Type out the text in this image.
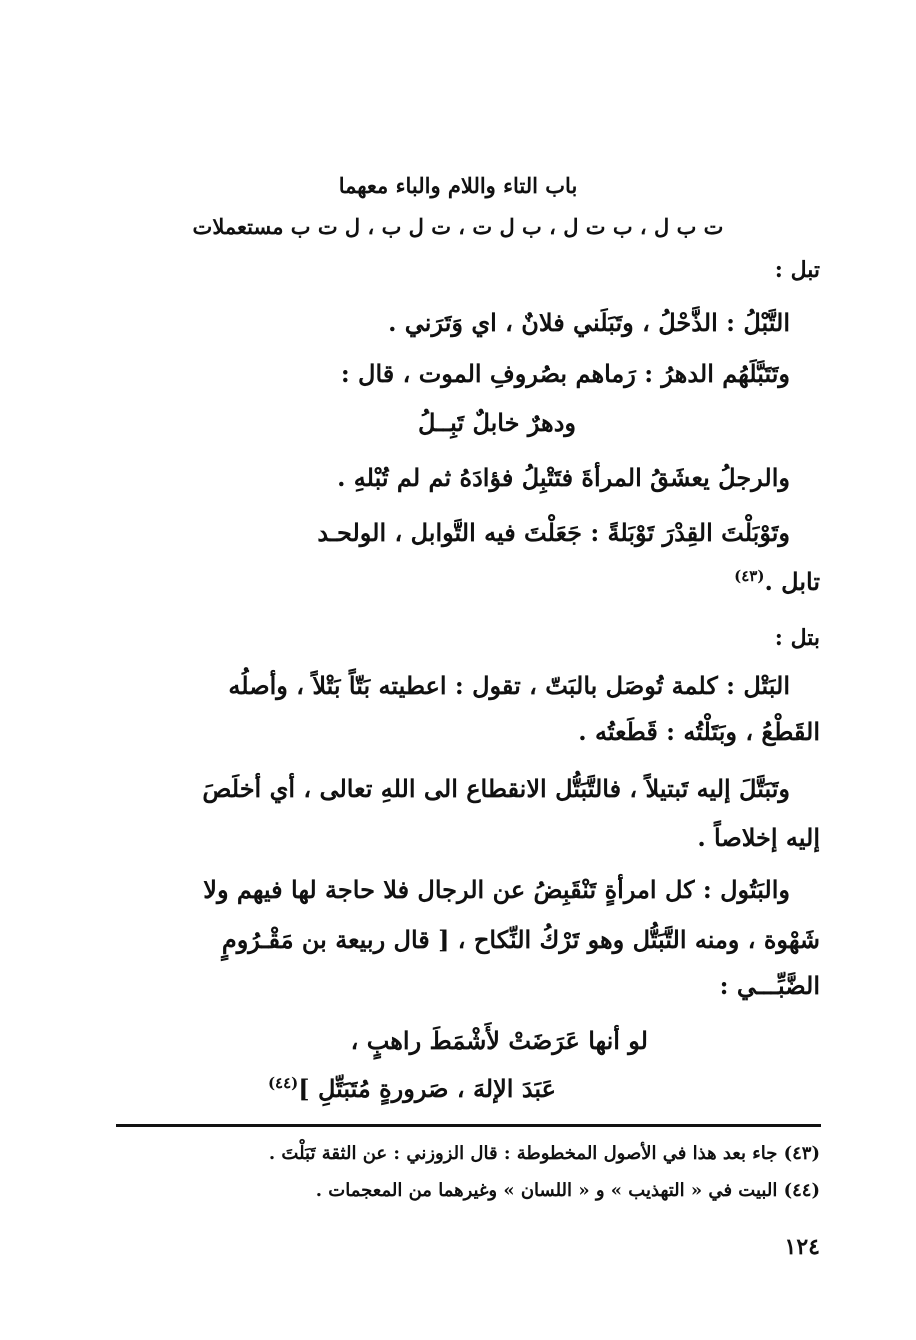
باب التاء واللام والباء معهما
ت ب ل ، ب ت ل ، ب ل ت ، ت ل ب ، ل ت ب مستعملات
تبل :
التَّبْلُ : الذَّحْلُ ، وتَبَلَني فلانٌ ، اي وَتَرَني .
وتَتَبَّلَهُم الدهرُ : رَماهم بصُروفِ الموت ، قال :
ودهرٌ خابلٌ تَبِــلُ
والرجلُ يعشَقُ المرأةَ فتَتْبِلُ فؤادَهُ ثم لم تُبْلهِ .
وتَوْبَلْتَ القِدْرَ تَوْبَلةً : جَعَلْتَ فيه التَّوابل ، الولحـد
تابل .$^{(٤٣)}$
بتل :
البَتْل : كلمة تُوصَل بالبَتّ ، تقول : اعطيته بَتّاً بَتْلاً ، وأصلُه
القَطْعُ ، وبَتَلْتُه : قَطَعتُه .
وتَبَتَّلَ إليه تَبتيلاً ، فالتَّبَتُّل الانقطاع الى اللهِ تعالى ، أي أخلَصَ
إليه إخلاصاً .
والبَتُول : كل امرأةٍ تَنْقَبِضُ عن الرجال فلا حاجة لها فيهم ولا
شَهْوة ، ومنه التَّبَتُّل وهو تَرْكُ النِّكاح ، [ قال ربيعة بن مَقْـرُومٍ
الضَّبِّـــي :
لو أنها عَرَضَتْ لأَشْمَطَ راهبٍ ،
عَبَدَ الإلهَ ، صَرورةٍ مُتَبَتِّلِ ]$^{(٤٤)}$
(٤٣) جاء بعد هذا في الأصول المخطوطة : قال الزوزني : عن الثقة تَبَلْتَ .
(٤٤) البيت في « التهذيب » و « اللسان » وغيرهما من المعجمات .
١٢٤
